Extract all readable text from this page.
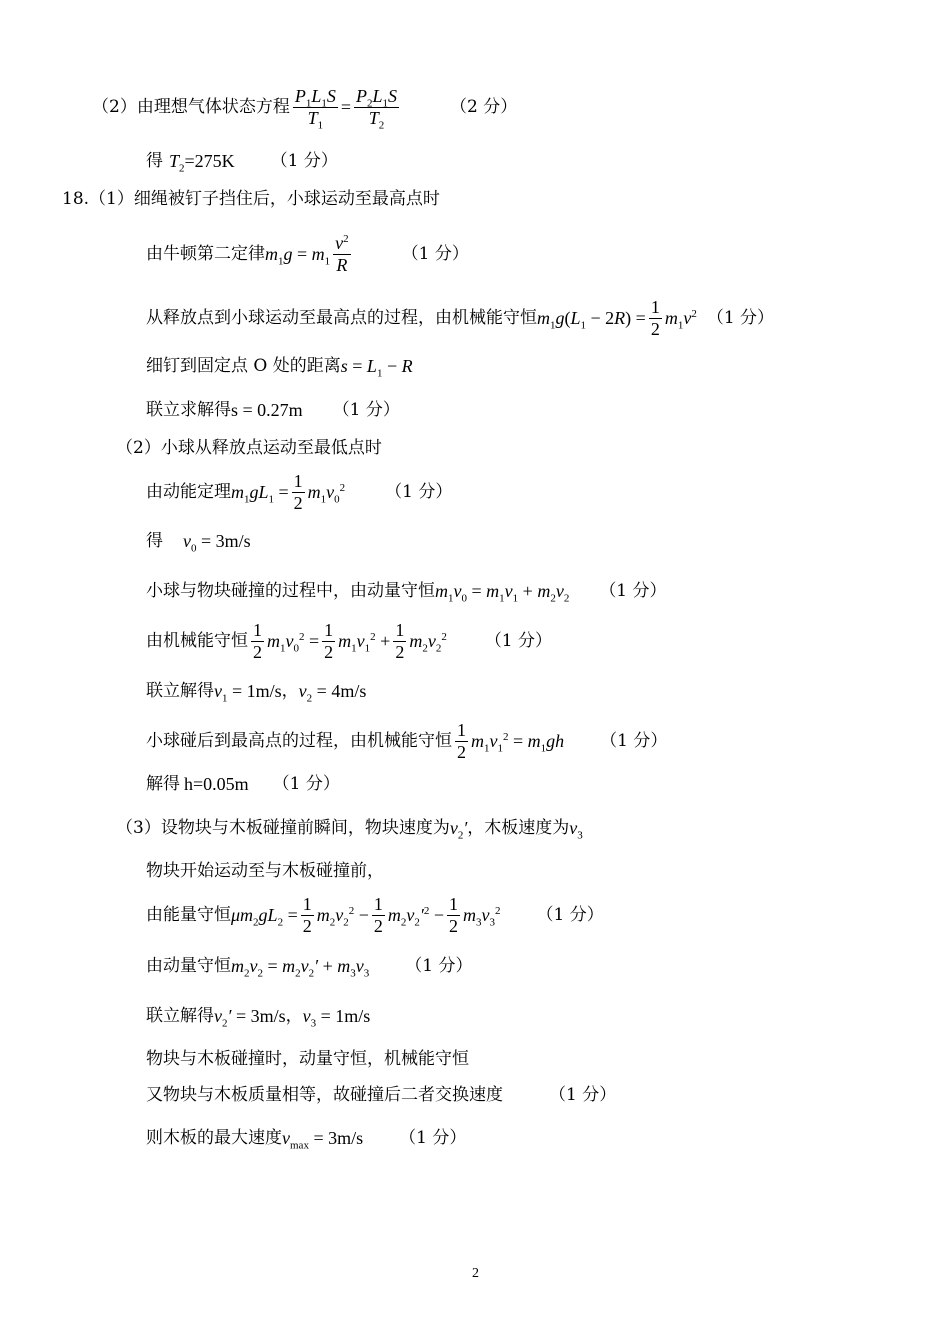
（2）由理想气体状态方程 $\frac{P_1L_1S}{T_1} = \frac{P_2L_1S}{T_2}$	（2 分）
得 $T_2 =275K$ （1 分）
18.（1）细绳被钉子挡住后，小球运动至最高点时
由牛顿第二定律 $m_1g = m_1 \frac{v^2}{R}$	（1 分）
从释放点到小球运动至最高点的过程，由机械能守恒 $m_1g$ ( $L_1 - 2$ R ) = $\frac{1}{2} m_1v^2$ （1 分）
细钉到固定点 O 处的距离 $s = L_1 - R$
联立求解得 s = 0.27m （1 分）
（2）小球从释放点运动至最低点时
由动能定理 $m_1gL_1 = \frac{1}{2} m_1v_0^2$ （1 分）
得 $v_0 = 3m/s$
小球与物块碰撞的过程中，由动量守恒 $m_1v_0 = m_1v_1 + m_2v_2$ （1 分）
由机械能守恒 $\frac{1}{2} m_1v_0^2 = \frac{1}{2} m_1v_1^2 + \frac{1}{2} m_2v_2^2$ （1 分）
联立解得 $v_1 = 1m/s$ ， $v_2 = 4m/s$
小球碰后到最高点的过程，由机械能守恒 $\frac{1}{2} m_1v_1^2 = m_1gh$ （1 分）
解得 h=0.05m （1 分）
（3）设物块与木板碰撞前瞬间，物块速度为 $v_2'$ ，木板速度为 $v_3$
物块开始运动至与木板碰撞前，
由能量守恒 $\mu m_2gL_2 = \frac{1}{2} m_2v_2^2 - \frac{1}{2} m_2v_2'^2 - \frac{1}{2} m_3v_3^2$ （1 分）
由动量守恒 $m_2v_2 = m_2v_2' + m_3v_3$ （1 分）
联立解得 $v_2' = 3m/s$ ， $v_3 = 1m/s$
物块与木板碰撞时，动量守恒，机械能守恒
又物块与木板质量相等，故碰撞后二者交换速度	（1 分）
则木板的最大速度 $v_{max} = 3m/s$ （1 分）
2
